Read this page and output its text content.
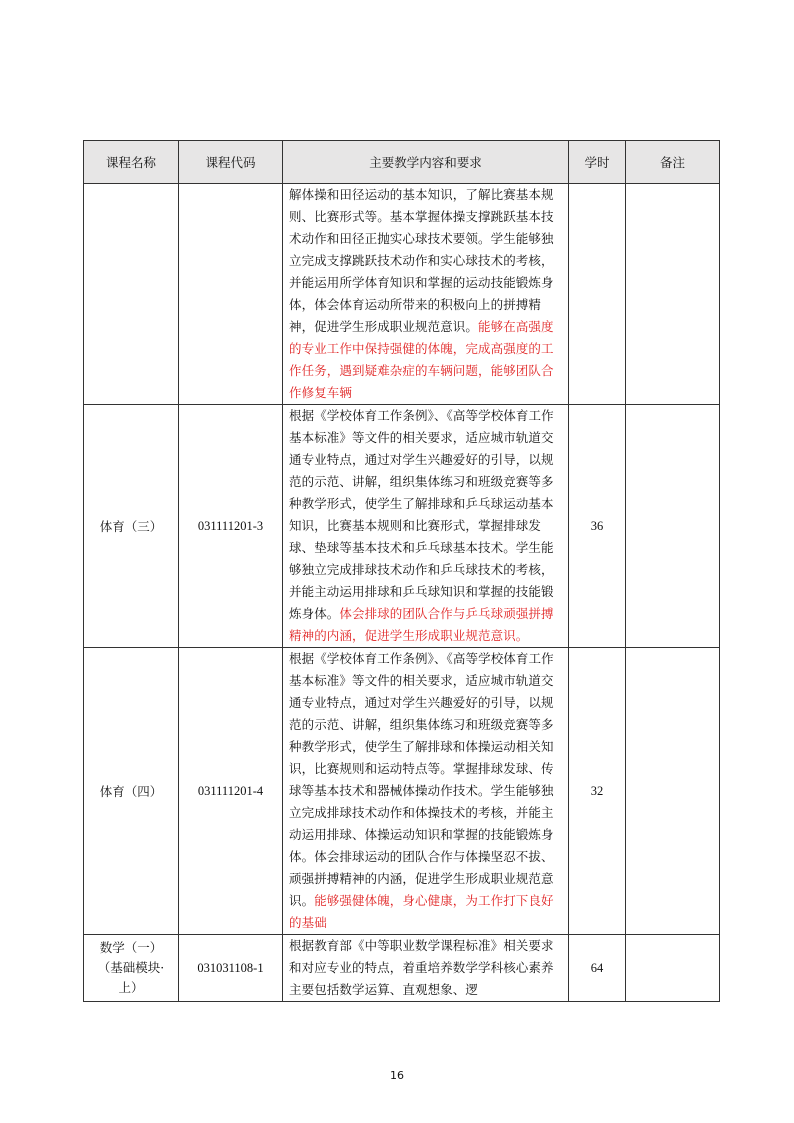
课程名称	课程代码	主要教学内容和要求	学时	备注
		解体操和田径运动的基本知识，了解比赛基本规则、比赛形式等。基本掌握体操支撑跳跃基本技术动作和田径正抛实心球技术要领。学生能够独立完成支撑跳跃技术动作和实心球技术的考核，并能运用所学体育知识和掌握的运动技能锻炼身体，体会体育运动所带来的积极向上的拼搏精神，促进学生形成职业规范意识。能够在高强度的专业工作中保持强健的体魄，完成高强度的工作任务，遇到疑难杂症的车辆问题，能够团队合作修复车辆		
体育（三）	031111201-3	根据《学校体育工作条例》、《高等学校体育工作基本标准》等文件的相关要求，适应城市轨道交通专业特点，通过对学生兴趣爱好的引导，以规范的示范、讲解，组织集体练习和班级竞赛等多种教学形式，使学生了解排球和乒乓球运动基本知识，比赛基本规则和比赛形式，掌握排球发球、垫球等基本技术和乒乓球基本技术。学生能够独立完成排球技术动作和乒乓球技术的考核，并能主动运用排球和乒乓球知识和掌握的技能锻炼身体。体会排球的团队合作与乒乓球顽强拼搏精神的内涵，促进学生形成职业规范意识。	36	
体育（四）	031111201-4	根据《学校体育工作条例》、《高等学校体育工作基本标准》等文件的相关要求，适应城市轨道交通专业特点，通过对学生兴趣爱好的引导，以规范的示范、讲解，组织集体练习和班级竞赛等多种教学形式，使学生了解排球和体操运动相关知识，比赛规则和运动特点等。掌握排球发球、传球等基本技术和器械体操动作技术。学生能够独立完成排球技术动作和体操技术的考核，并能主动运用排球、体操运动知识和掌握的技能锻炼身体。体会排球运动的团队合作与体操坚忍不拔、顽强拼搏精神的内涵，促进学生形成职业规范意识。能够强健体魄，身心健康，为工作打下良好的基础	32	
数学（一）（基础模块·上）	031031108-1	根据教育部《中等职业数学课程标准》相关要求和对应专业的特点，着重培养数学学科核心素养主要包括数学运算、直观想象、逻	64	
16
